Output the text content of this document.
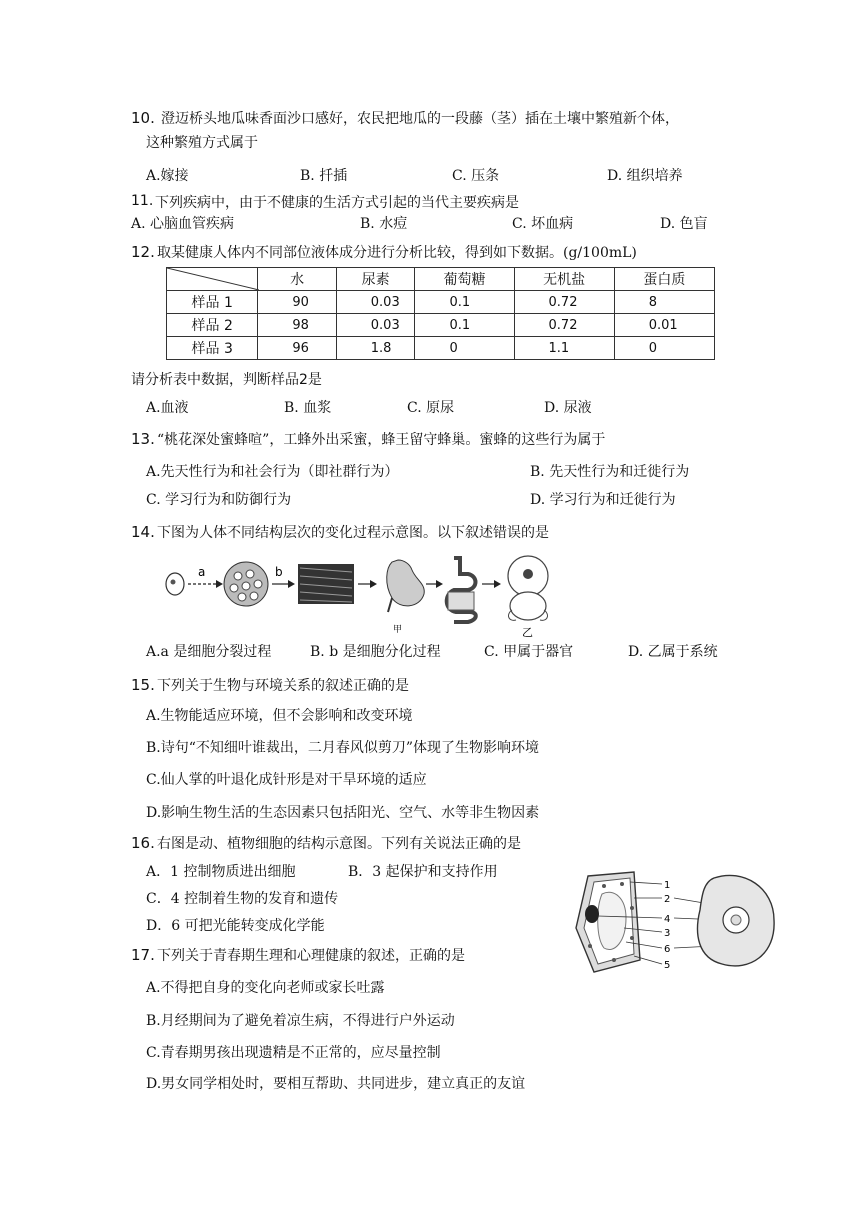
10. 澄迈桥头地瓜味香面沙口感好，农民把地瓜的一段藤（茎）插在土壤中繁殖新个体，
这种繁殖方式属于
A.嫁接	B. 扦插	C. 压条	D. 组织培养
11. 下列疾病中，由于不健康的生活方式引起的当代主要疾病是
A. 心脑血管疾病	B. 水痘	C. 坏血病	D. 色盲
12. 取某健康人体内不同部位液体成分进行分析比较，得到如下数据。(g/100mL)
	水	尿素	葡萄糖	无机盐	蛋白质
样品 1	90	0.03	0.1	0.72	8
样品 2	98	0.03	0.1	0.72	0.01
样品 3	96	1.8	0	1.1	0
请分析表中数据，判断样品2是
A.血液	B. 血浆	C. 原尿	D. 尿液
13. “桃花深处蜜蜂喧”，工蜂外出采蜜，蜂王留守蜂巢。蜜蜂的这些行为属于
A.先天性行为和社会行为（即社群行为）	B. 先天性行为和迁徙行为
C. 学习行为和防御行为	D. 学习行为和迁徙行为
14. 下图为人体不同结构层次的变化过程示意图。以下叙述错误的是
a	b
甲	乙
A.a 是细胞分裂过程	B. b 是细胞分化过程	C. 甲属于器官	D. 乙属于系统
15. 下列关于生物与环境关系的叙述正确的是
A.生物能适应环境，但不会影响和改变环境
B.诗句“不知细叶谁裁出，二月春风似剪刀”体现了生物影响环境
C.仙人掌的叶退化成针形是对干旱环境的适应
D.影响生物生活的生态因素只包括阳光、空气、水等非生物因素
16. 右图是动、植物细胞的结构示意图。下列有关说法正确的是
A．1 控制物质进出细胞	B．3 起保护和支持作用
C．4 控制着生物的发育和遗传
D．6 可把光能转变成化学能
1
2
4
3
6
5
17. 下列关于青春期生理和心理健康的叙述，正确的是
A.不得把自身的变化向老师或家长吐露
B.月经期间为了避免着凉生病，不得进行户外运动
C.青春期男孩出现遗精是不正常的，应尽量控制
D.男女同学相处时，要相互帮助、共同进步，建立真正的友谊
